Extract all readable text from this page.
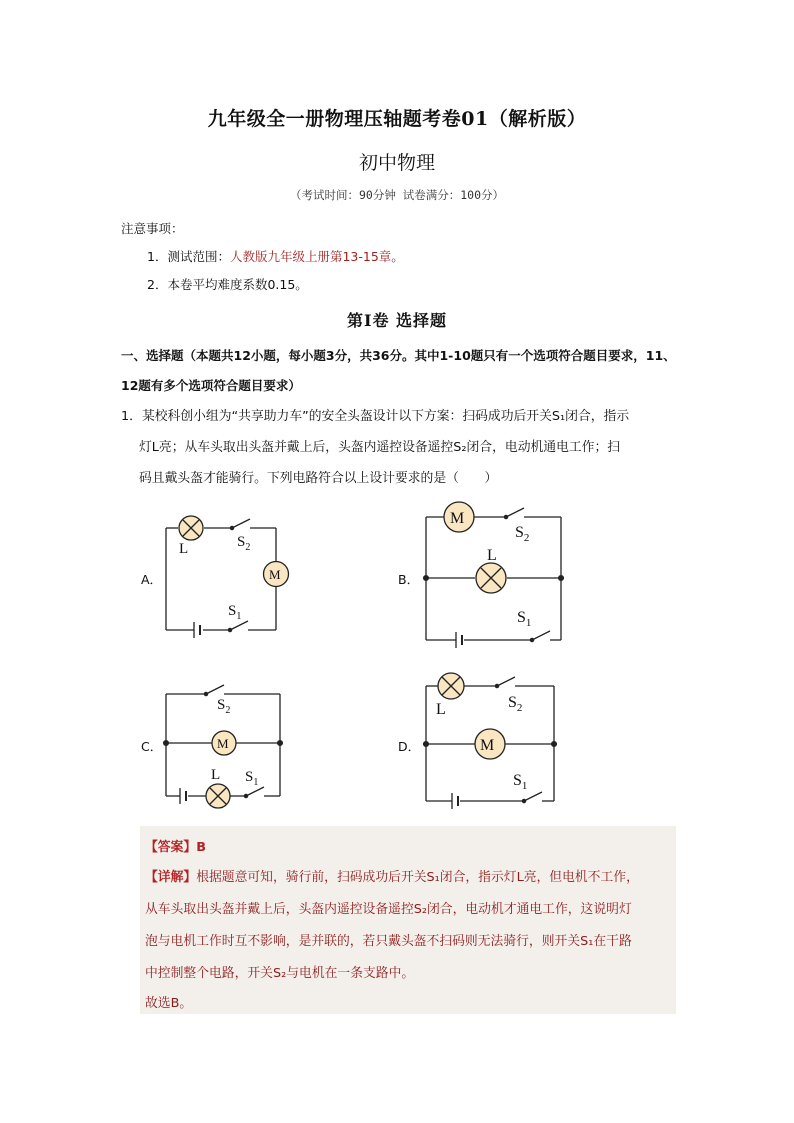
九年级全一册物理压轴题考卷01（解析版）
初中物理
（考试时间：90分钟 试卷满分：100分）
注意事项：
1．测试范围：人教版九年级上册第13-15章。
2．本卷平均难度系数0.15。
第Ⅰ卷 选择题
一、选择题（本题共12小题，每小题3分，共36分。其中1-10题只有一个选项符合题目要求，11、12题有多个选项符合题目要求）
1．某校科创小组为“共享助力车”的安全头盔设计以下方案：扫码成功后开关S₁闭合，指示
灯L亮；从车头取出头盔并戴上后，头盔内遥控设备遥控S₂闭合，电动机通电工作；扫
码且戴头盔才能骑行。下列电路符合以上设计要求的是（　　）
A．	B．
C．	D．
L	$S_2$
M
$S_1$
M
$S_2$
L
$S_1$
$S_2$
M
L $S_1$
L	$S_2$
M
$S_1$
【答案】B
【详解】根据题意可知，骑行前，扫码成功后开关S₁闭合，指示灯L亮，但电机不工作，
从车头取出头盔并戴上后，头盔内遥控设备遥控S₂闭合，电动机才通电工作，这说明灯
泡与电机工作时互不影响，是并联的，若只戴头盔不扫码则无法骑行，则开关S₁在干路
中控制整个电路，开关S₂与电机在一条支路中。
故选B。
